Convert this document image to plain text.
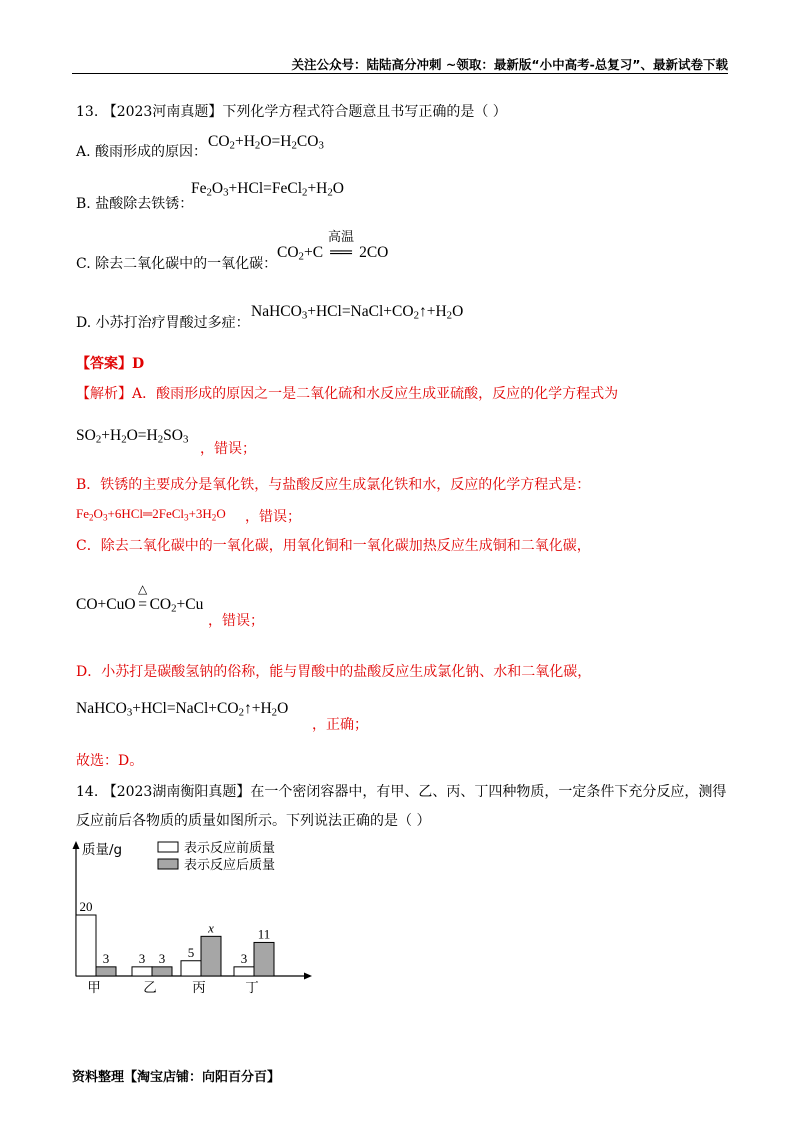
关注公众号：陆陆高分冲刺 ~领取：最新版“小中高考-总复习”、最新试卷下载
13. 【2023河南真题】下列化学方程式符合题意且书写正确的是（ ）
A. 酸雨形成的原因：
$CO_2+H_2O=H_2CO_3$
B. 盐酸除去铁锈：
$Fe_2O_3+HCl=FeCl_2+H_2O$
C. 除去二氧化碳中的一氧化碳：
$CO_2+C$
高温
══ 2CO
D. 小苏打治疗胃酸过多症：
$NaHCO_3+HCl=NaCl+CO_2↑+H_2O$
【答案】D
【解析】A．酸雨形成的原因之一是二氧化硫和水反应生成亚硫酸，反应的化学方程式为
$SO_2+H_2O=H_2SO_3$
，错误；
B．铁锈的主要成分是氧化铁，与盐酸反应生成氯化铁和水，反应的化学方程式是：
$Fe_2O_3+6HCl═2FeCl_3+3H_2O$ ，错误；
C．除去二氧化碳中的一氧化碳，用氧化铜和一氧化碳加热反应生成铜和二氧化碳，
CO+CuO
△
= $CO_2+Cu$
，错误；
D．小苏打是碳酸氢钠的俗称，能与胃酸中的盐酸反应生成氯化钠、水和二氧化碳，
$NaHCO_3+HCl=NaCl+CO_2↑+H_2O$
，正确；
故选：D。
14. 【2023湖南衡阳真题】在一个密闭容器中，有甲、乙、丙、丁四种物质，一定条件下充分反应，测得
反应前后各物质的质量如图所示。下列说法正确的是（ ）
质量/g	表示反应前质量
表示反应后质量
20
3
甲
3 3
乙
5
x
丙
3
11
丁
资料整理【淘宝店铺：向阳百分百】
